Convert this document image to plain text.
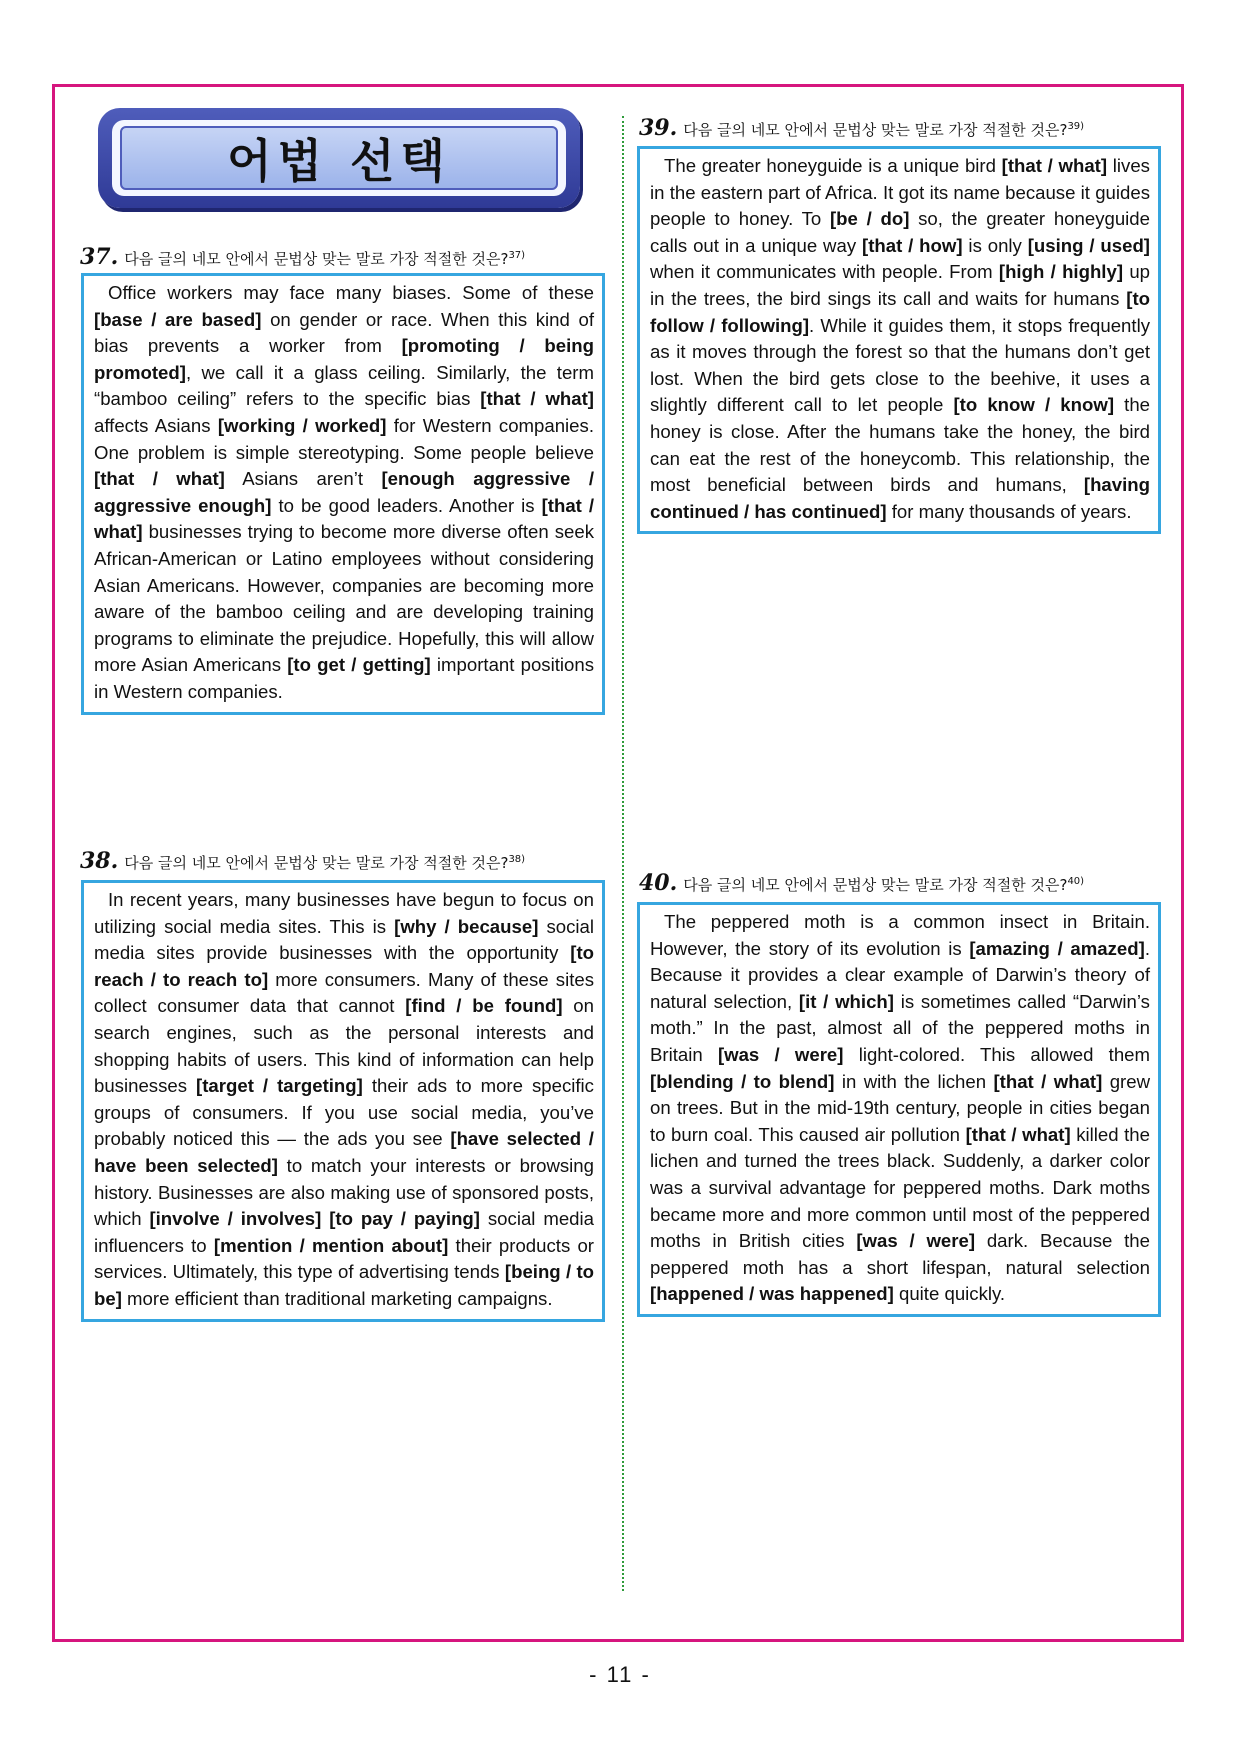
어법 선택
37. 다음 글의 네모 안에서 문법상 맞는 말로 가장 적절한 것은?$^{37)}$
Office workers may face many biases. Some of these [base / are based] on gender or race. When this kind of bias prevents a worker from [promoting / being promoted], we call it a glass ceiling. Similarly, the term “bamboo ceiling” refers to the specific bias [that / what] affects Asians [working / worked] for Western companies. One problem is simple stereotyping. Some people believe [that / what] Asians aren’t [enough aggressive / aggressive enough] to be good leaders. Another is [that / what] businesses trying to become more diverse often seek African-American or Latino employees without considering Asian Americans. However, companies are becoming more aware of the bamboo ceiling and are developing training programs to eliminate the prejudice. Hopefully, this will allow more Asian Americans [to get / getting] important positions in Western companies.
38. 다음 글의 네모 안에서 문법상 맞는 말로 가장 적절한 것은?$^{38)}$
In recent years, many businesses have begun to focus on utilizing social media sites. This is [why / because] social media sites provide businesses with the opportunity [to reach / to reach to] more consumers. Many of these sites collect consumer data that cannot [find / be found] on search engines, such as the personal interests and shopping habits of users. This kind of information can help businesses [target / targeting] their ads to more specific groups of consumers. If you use social media, you’ve probably noticed this — the ads you see [have selected / have been selected] to match your interests or browsing history. Businesses are also making use of sponsored posts, which [involve / involves] [to pay / paying] social media influencers to [mention / mention about] their products or services. Ultimately, this type of advertising tends [being / to be] more efficient than traditional marketing campaigns.
39. 다음 글의 네모 안에서 문법상 맞는 말로 가장 적절한 것은?$^{39)}$
The greater honeyguide is a unique bird [that / what] lives in the eastern part of Africa. It got its name because it guides people to honey. To [be / do] so, the greater honeyguide calls out in a unique way [that / how] is only [using / used] when it communicates with people. From [high / highly] up in the trees, the bird sings its call and waits for humans [to follow / following]. While it guides them, it stops frequently as it moves through the forest so that the humans don’t get lost. When the bird gets close to the beehive, it uses a slightly different call to let people [to know / know] the honey is close. After the humans take the honey, the bird can eat the rest of the honeycomb. This relationship, the most beneficial between birds and humans, [having continued / has continued] for many thousands of years.
40. 다음 글의 네모 안에서 문법상 맞는 말로 가장 적절한 것은?$^{40)}$
The peppered moth is a common insect in Britain. However, the story of its evolution is [amazing / amazed]. Because it provides a clear example of Darwin’s theory of natural selection, [it / which] is sometimes called “Darwin’s moth.” In the past, almost all of the peppered moths in Britain [was / were] light-colored. This allowed them [blending / to blend] in with the lichen [that / what] grew on trees. But in the mid-19th century, people in cities began to burn coal. This caused air pollution [that / what] killed the lichen and turned the trees black. Suddenly, a darker color was a survival advantage for peppered moths. Dark moths became more and more common until most of the peppered moths in British cities [was / were] dark. Because the peppered moth has a short lifespan, natural selection [happened / was happened] quite quickly.
- 11 -
